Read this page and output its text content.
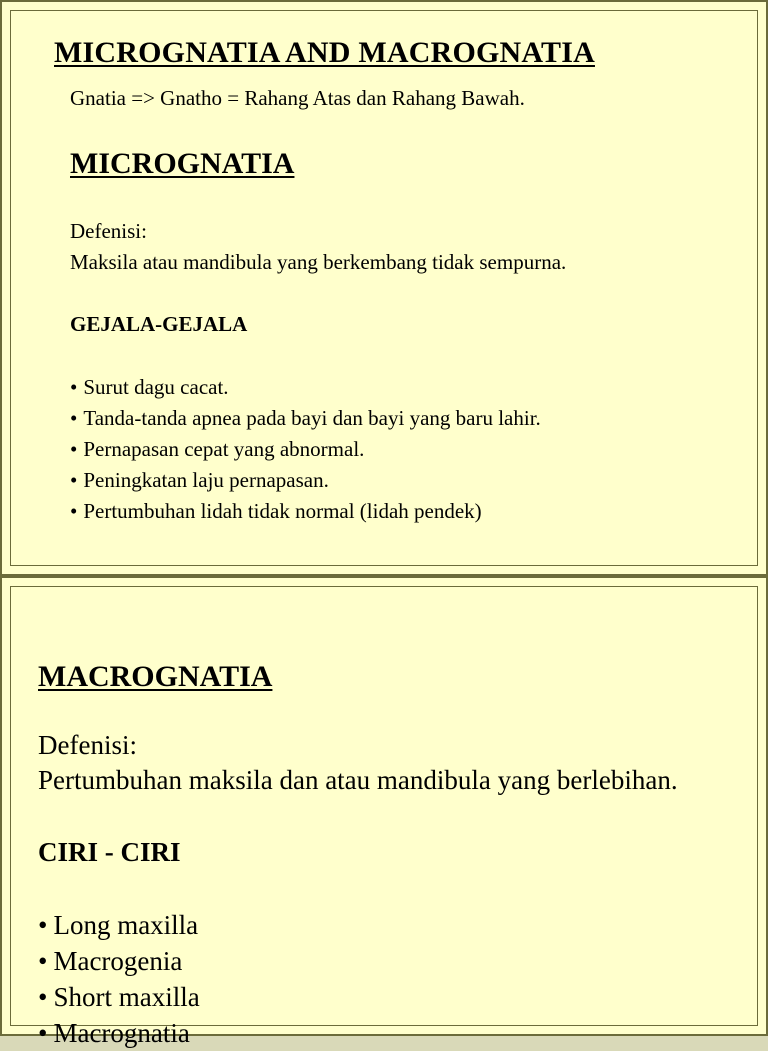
MICROGNATIA AND MACROGNATIA
Gnatia => Gnatho = Rahang Atas dan Rahang Bawah.
MICROGNATIA
Defenisi:
Maksila atau mandibula yang berkembang tidak sempurna.
GEJALA-GEJALA
• Surut dagu cacat.
• Tanda-tanda apnea pada bayi dan bayi yang baru lahir.
• Pernapasan cepat yang abnormal.
• Peningkatan laju pernapasan.
• Pertumbuhan lidah tidak normal (lidah pendek)
MACROGNATIA
Defenisi:
Pertumbuhan maksila dan atau mandibula yang berlebihan.
CIRI - CIRI
• Long maxilla
• Macrogenia
• Short maxilla
• Macrognatia
